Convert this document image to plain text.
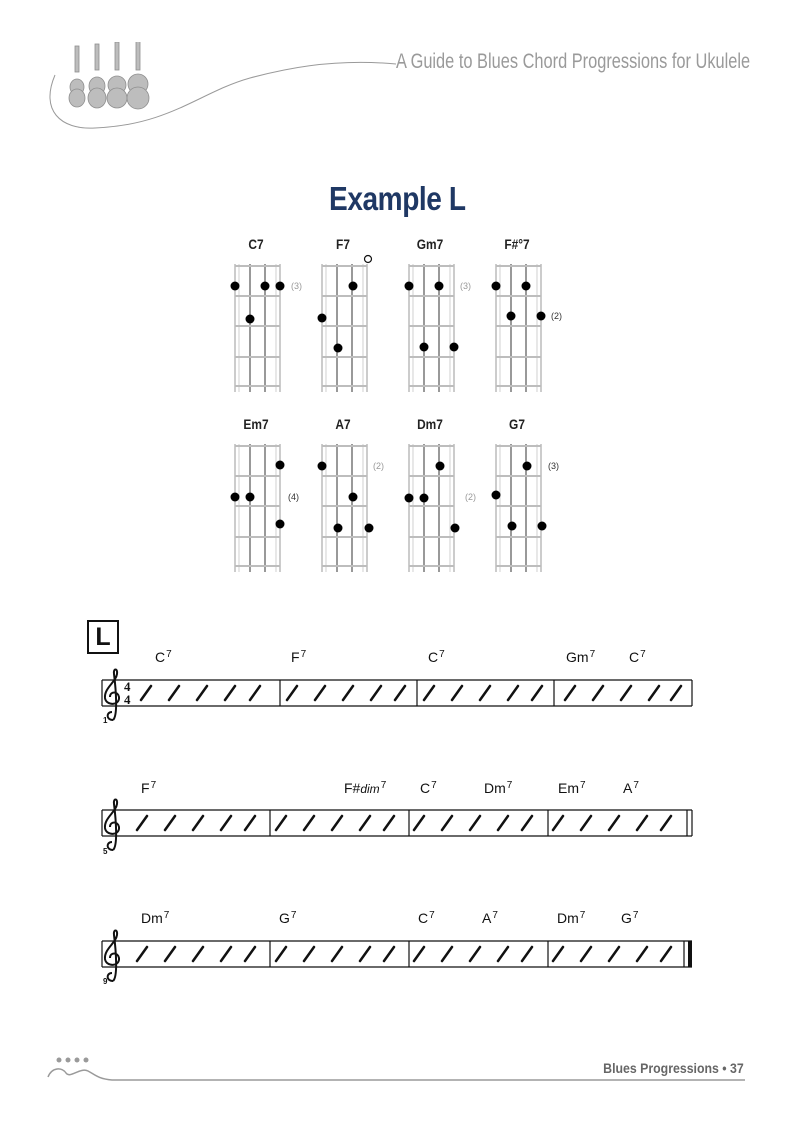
A Guide to Blues Chord Progressions for Ukulele
Example L
C7	F7	Gm7	F#°7
Em7	A7	Dm7	G7
(3)	(3)
(2)
(4)
(2)
(2)
(3)
L
$C^7$	$F^7$	$C^7$	Gm$^7$ $C^7$
$F^7$	F#dim$^7$ $C^7$	Dm$^7$	Em$^7$	$A^7$
Dm$^7$	$G^7$	$C^7$	$A^7$	Dm$^7$	$G^7$
4
4
1
5
9
Blues Progressions • 37
